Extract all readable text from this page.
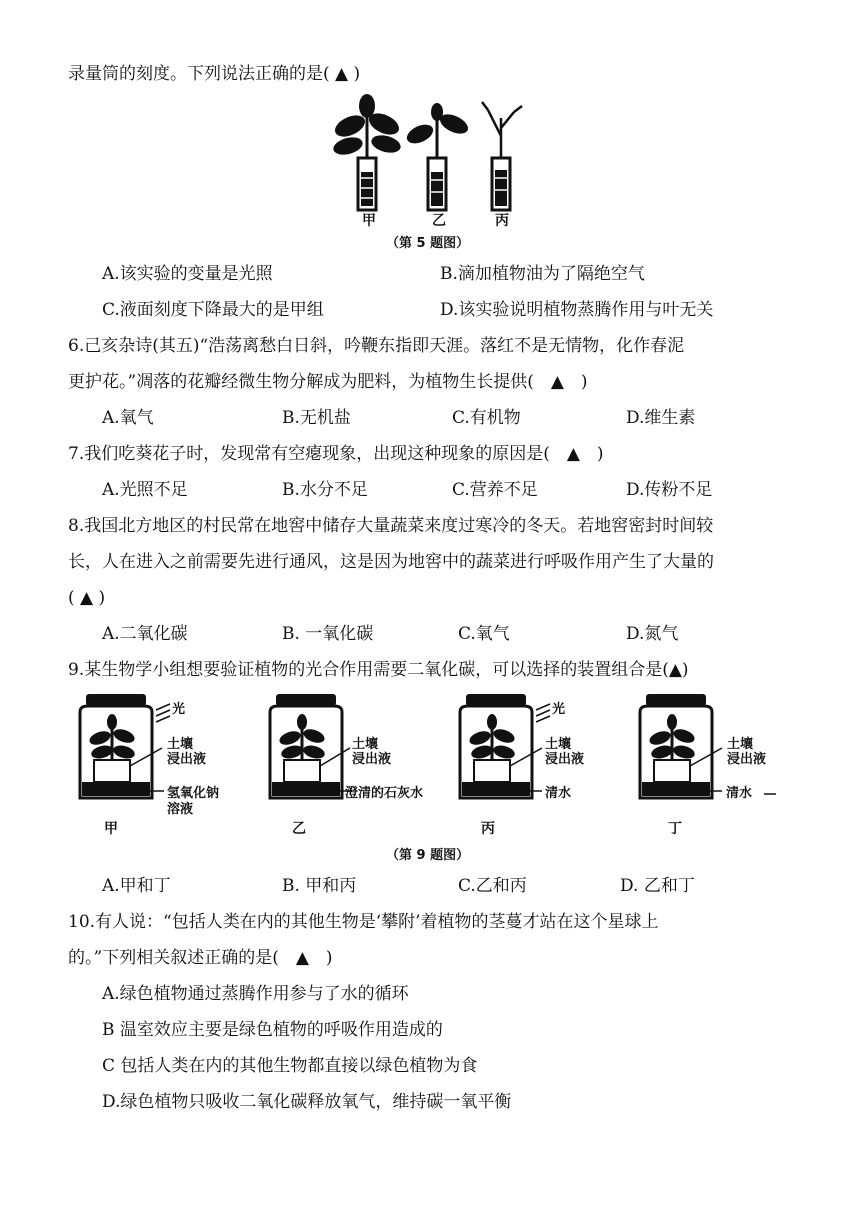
录量筒的刻度。下列说法正确的是( ▲ )
甲	乙	丙
（第 5 题图）
A.该实验的变量是光照	B.滴加植物油为了隔绝空气
C.液面刻度下降最大的是甲组	D.该实验说明植物蒸腾作用与叶无关
6.己亥杂诗(其五)“浩荡离愁白日斜，吟鞭东指即天涯。落红不是无情物，化作春泥
更护花。”凋落的花瓣经微生物分解成为肥料，为植物生长提供(　▲　)
A.氧气	B.无机盐	C.有机物	D.维生素
7.我们吃葵花子时，发现常有空瘪现象，出现这种现象的原因是(　▲　)
A.光照不足	B.水分不足	C.营养不足	D.传粉不足
8.我国北方地区的村民常在地窖中储存大量蔬菜来度过寒冷的冬天。若地窖密封时间较
长，人在进入之前需要先进行通风，这是因为地窖中的蔬菜进行呼吸作用产生了大量的
( ▲ )
A.二氧化碳	B. 一氧化碳	C.氧气	D.氮气
9.某生物学小组想要验证植物的光合作用需要二氧化碳，可以选择的装置组合是(▲)
光
土壤
浸出液
氢氧化钠
溶液
土壤
浸出液
澄清的石灰水
光
土壤
浸出液
清水
土壤
浸出液
清水
甲	乙	丙	丁
（第 9 题图）
A.甲和丁	B. 甲和丙	C.乙和丙	D. 乙和丁
10.有人说：“包括人类在内的其他生物是‘攀附’着植物的茎蔓才站在这个星球上
的。”下列相关叙述正确的是(　▲　)
A.绿色植物通过蒸腾作用参与了水的循环
B 温室效应主要是绿色植物的呼吸作用造成的
C 包括人类在内的其他生物都直接以绿色植物为食
D.绿色植物只吸收二氧化碳释放氧气，维持碳一氧平衡
